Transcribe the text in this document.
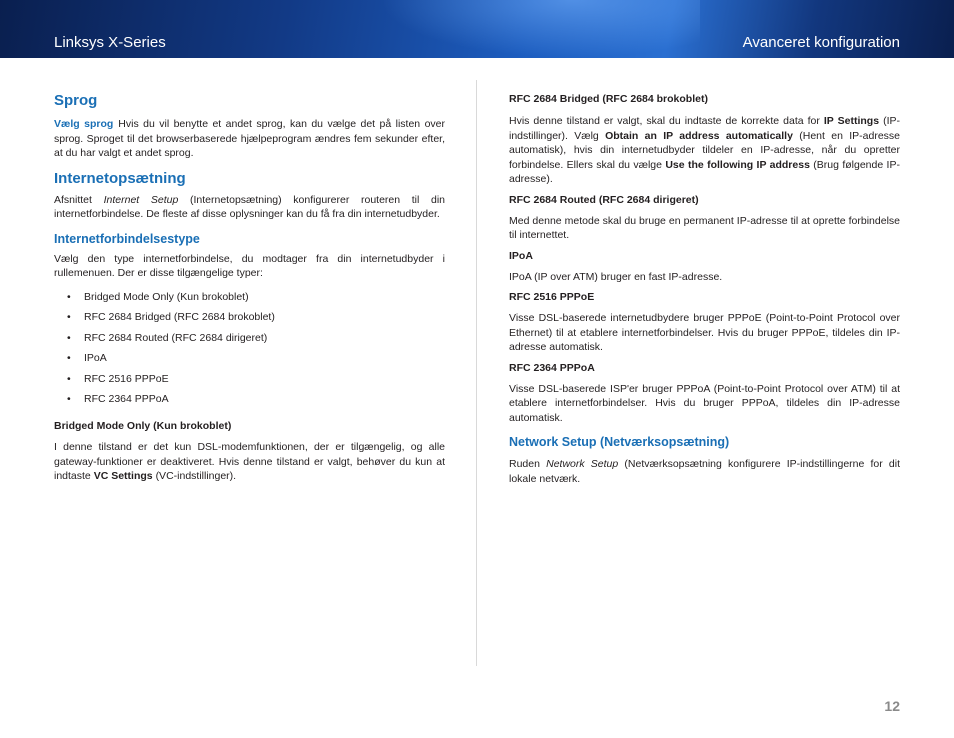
Linksys X-Series	Avanceret konfiguration
Sprog

Vælg sprog Hvis du vil benytte et andet sprog, kan du vælge det på listen over sprog. Sproget til det browserbaserede hjælpeprogram ændres fem sekunder efter, at du har valgt et andet sprog.

Internetopsætning

Afsnittet Internet Setup (Internetopsætning) konfigurerer routeren til din internetforbindelse. De fleste af disse oplysninger kan du få fra din internetudbyder.

Internetforbindelsestype

Vælg den type internetforbindelse, du modtager fra din internetudbyder i rullemenuen. Der er disse tilgængelige typer:

• Bridged Mode Only (Kun brokoblet)
• RFC 2684 Bridged (RFC 2684 brokoblet)
• RFC 2684 Routed (RFC 2684 dirigeret)
• IPoA
• RFC 2516 PPPoE
• RFC 2364 PPPoA
Bridged Mode Only (Kun brokoblet)

I denne tilstand er det kun DSL-modemfunktionen, der er tilgængelig, og alle gateway-funktioner er deaktiveret. Hvis denne tilstand er valgt, behøver du kun at indtaste VC Settings (VC-indstillinger).

RFC 2684 Bridged (RFC 2684 brokoblet)

Hvis denne tilstand er valgt, skal du indtaste de korrekte data for IP Settings (IP-indstillinger). Vælg Obtain an IP address automatically (Hent en IP-adresse automatisk), hvis din internetudbyder tildeler en IP-adresse, når du opretter forbindelse. Ellers skal du vælge Use the following IP address (Brug følgende IP-adresse).

RFC 2684 Routed (RFC 2684 dirigeret)

Med denne metode skal du bruge en permanent IP-adresse til at oprette forbindelse til internettet.

IPoA

IPoA (IP over ATM) bruger en fast IP-adresse.

RFC 2516 PPPoE

Visse DSL-baserede internetudbydere bruger PPPoE (Point-to-Point Protocol over Ethernet) til at etablere internetforbindelser. Hvis du bruger PPPoE, tildeles din IP-adresse automatisk.

RFC 2364 PPPoA

Visse DSL-baserede ISP'er bruger PPPoA (Point-to-Point Protocol over ATM) til at etablere internetforbindelser. Hvis du bruger PPPoA, tildeles din IP-adresse automatisk.

Network Setup (Netværksopsætning)

Ruden Network Setup (Netværksopsætning konfigurere IP-indstillingerne for dit lokale netværk.

12
